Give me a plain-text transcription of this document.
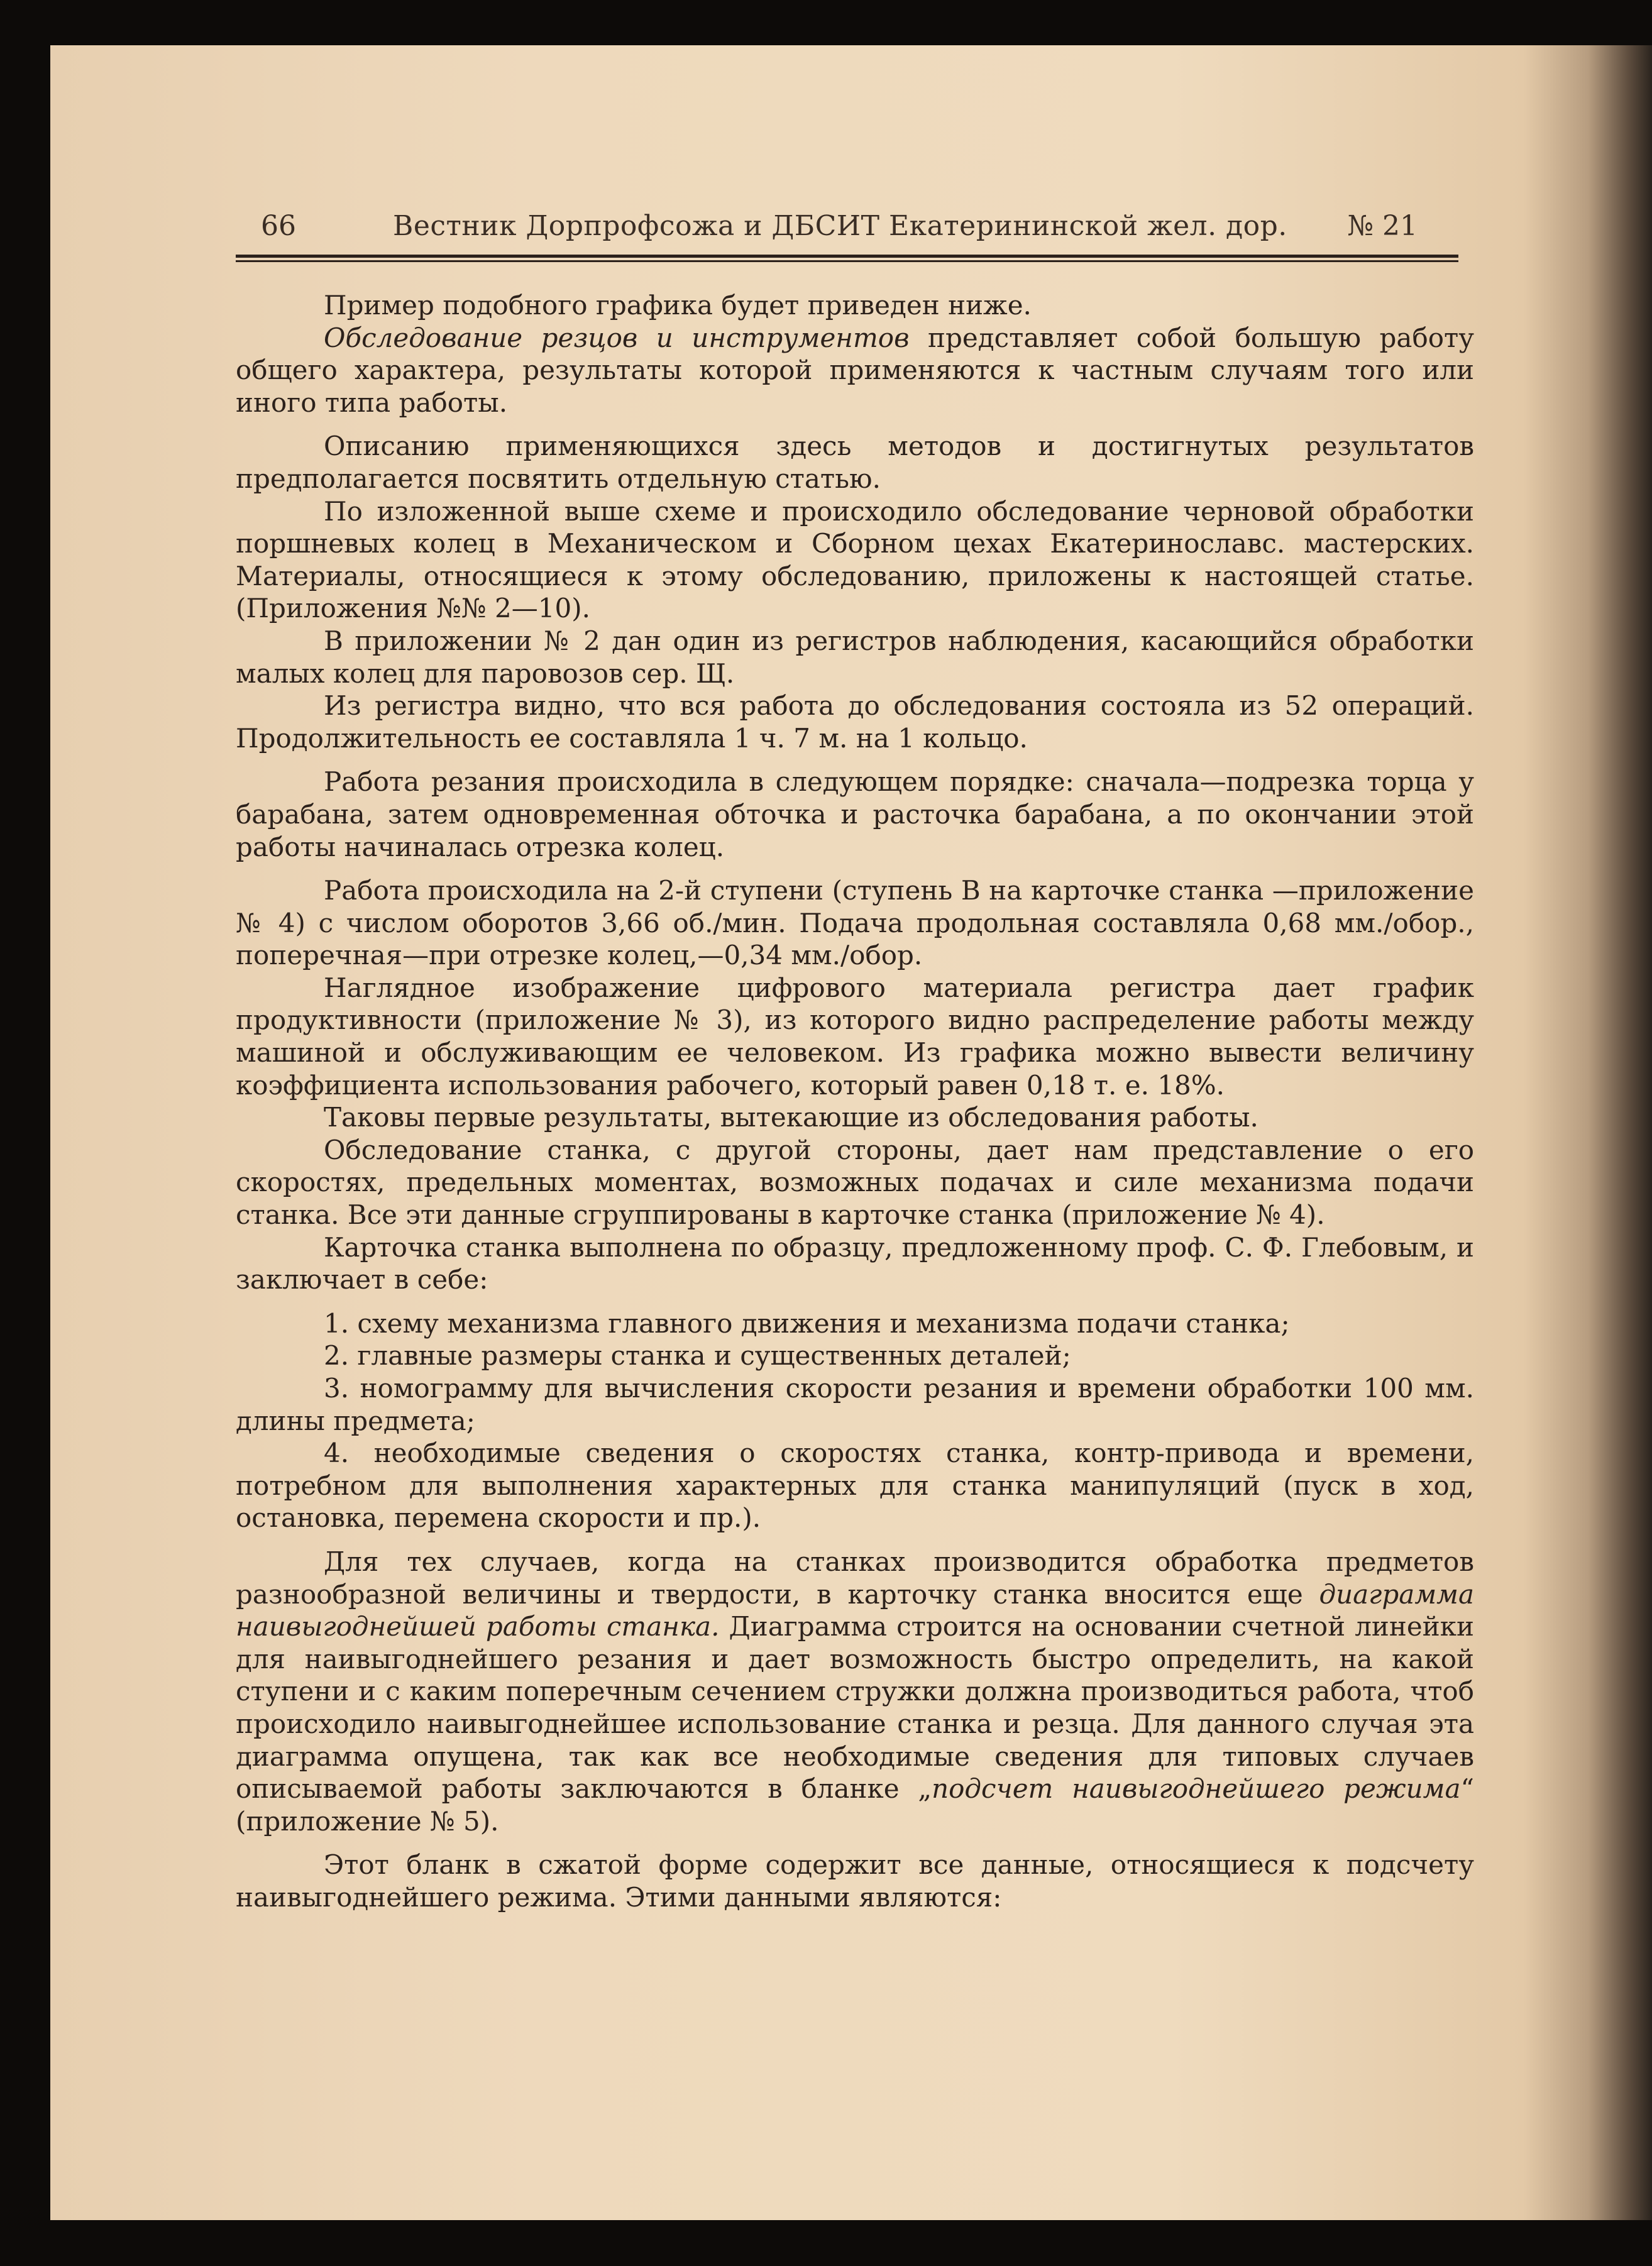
66	Вестник Дорпрофсожа и ДБСИТ Екатерининской жел. дор.	№ 21

Пример подобного графика будет приведен ниже.

Обследование резцов и инструментов представляет собой большую работу общего характера, результаты которой применяются к частным случаям того или иного типа работы.

Описанию применяющихся здесь методов и достигнутых результатов предполагается посвятить отдельную статью.

По изложенной выше схеме и происходило обследование черновой обработки поршневых колец в Механическом и Сборном цехах Екатеринославс. мастерских. Материалы, относящиеся к этому обследованию, приложены к настоящей статье. (Приложения №№ 2—10).

В приложении № 2 дан один из регистров наблюдения, касающийся обработки малых колец для паровозов сер. Щ.

Из регистра видно, что вся работа до обследования состояла из 52 операций. Продолжительность ее составляла 1 ч. 7 м. на 1 кольцо.

Работа резания происходила в следующем порядке: сначала—подрезка торца у барабана, затем одновременная обточка и расточка барабана, а по окончании этой работы начиналась отрезка колец.

Работа происходила на 2-й ступени (ступень В на карточке станка —приложение № 4) с числом оборотов 3,66 об./мин. Подача продольная составляла 0,68 мм./обор., поперечная—при отрезке колец,—0,34 мм./обор.

Наглядное изображение цифрового материала регистра дает график продуктивности (приложение № 3), из которого видно распределение работы между машиной и обслуживающим ее человеком. Из графика можно вывести величину коэффициента использования рабочего, который равен 0,18 т. е. 18%.

Таковы первые результаты, вытекающие из обследования работы.

Обследование станка, с другой стороны, дает нам представление о его скоростях, предельных моментах, возможных подачах и силе механизма подачи станка. Все эти данные сгруппированы в карточке станка (приложение № 4).

Карточка станка выполнена по образцу, предложенному проф. С. Ф. Глебовым, и заключает в себе:

1. схему механизма главного движения и механизма подачи станка;

2. главные размеры станка и существенных деталей;

3. номограмму для вычисления скорости резания и времени обработки 100 мм. длины предмета;

4. необходимые сведения о скоростях станка, контр-привода и времени, потребном для выполнения характерных для станка манипуляций (пуск в ход, остановка, перемена скорости и пр.).

Для тех случаев, когда на станках производится обработка предметов разнообразной величины и твердости, в карточку станка вносится еще диаграмма наивыгоднейшей работы станка. Диаграмма строится на основании счетной линейки для наивыгоднейшего резания и дает возможность быстро определить, на какой ступени и с каким поперечным сечением стружки должна производиться работа, чтоб происходило наивыгоднейшее использование станка и резца. Для данного случая эта диаграмма опущена, так как все необходимые сведения для типовых случаев описываемой работы заключаются в бланке „подсчет наивыгоднейшего режима“ (приложение № 5).

Этот бланк в сжатой форме содержит все данные, относящиеся к подсчету наивыгоднейшего режима. Этими данными являются:
